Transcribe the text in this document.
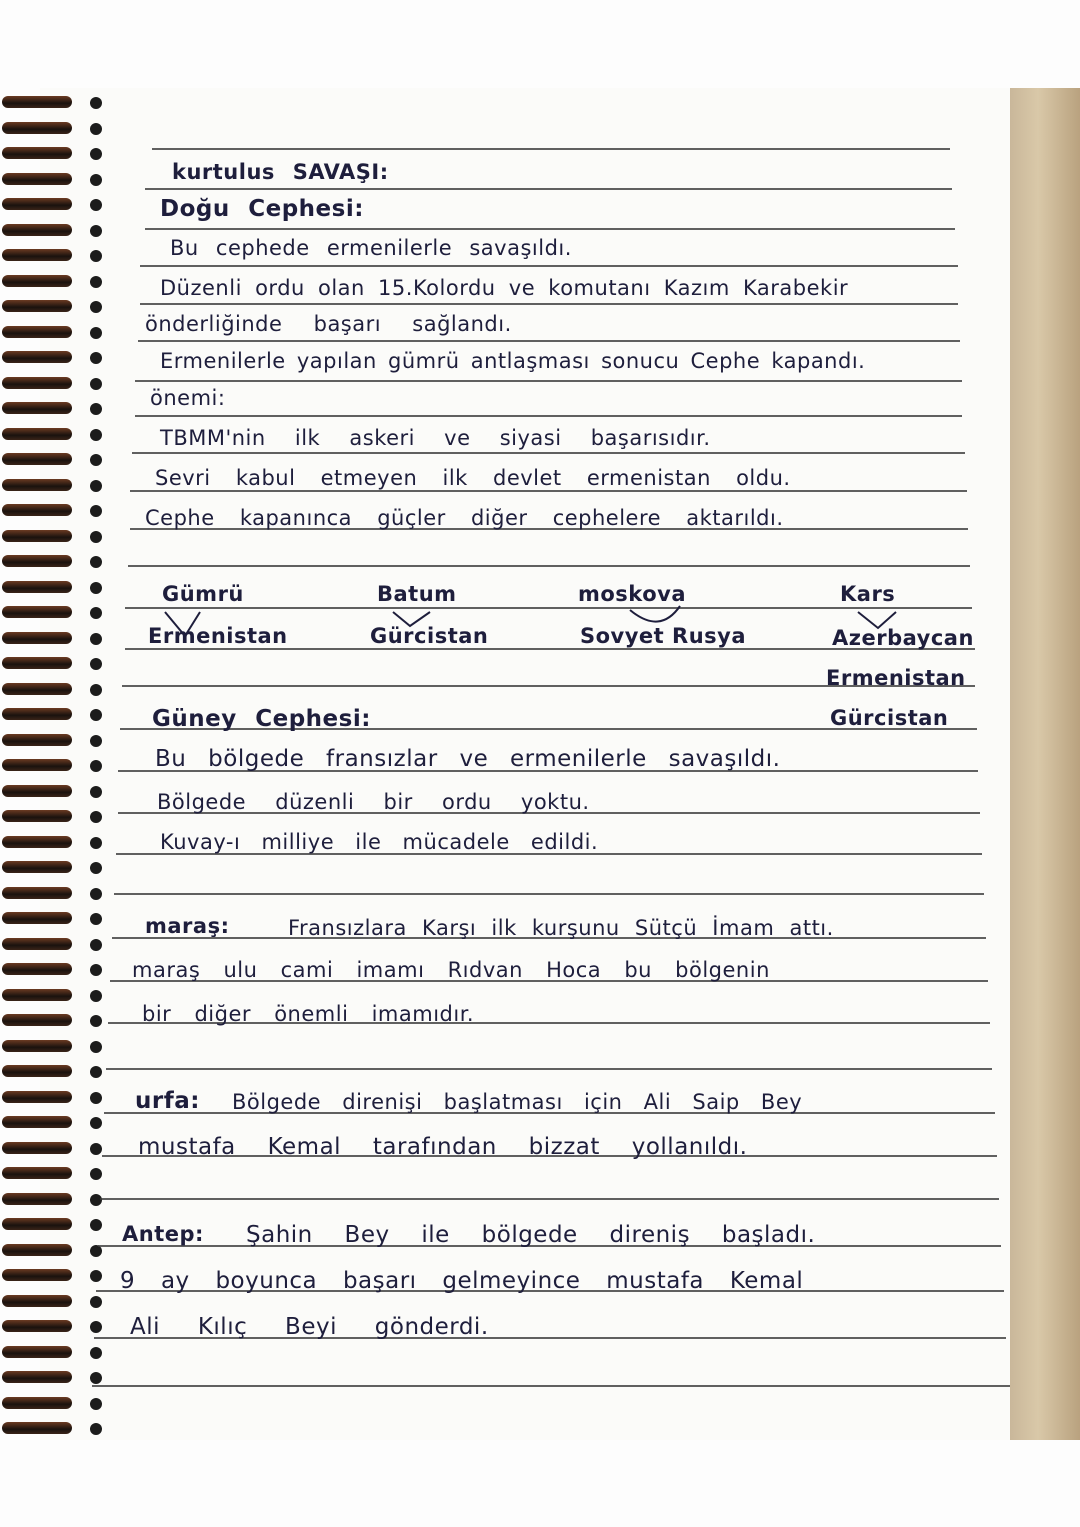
kurtulus SAVAŞI:
Doğu Cephesi:
Bu cephede ermenilerle savaşıldı.
Düzenli ordu olan 15.Kolordu ve komutanı Kazım Karabekir
önderliğinde başarı sağlandı.
Ermenilerle yapılan gümrü antlaşması sonucu Cephe kapandı.
önemi:
TBMM'nin ilk askeri ve siyasi başarısıdır.
Sevri kabul etmeyen ilk devlet ermenistan oldu.
Cephe kapanınca güçler diğer cephelere aktarıldı.
Gümrü
Ermenistan
Batum
Gürcistan
moskova
Sovyet Rusya
Kars
Azerbaycan
Ermenistan
Gürcistan
Güney Cephesi:
Bu bölgede fransızlar ve ermenilerle savaşıldı.
Bölgede düzenli bir ordu yoktu.
Kuvay-ı milliye ile mücadele edildi.
maraş:	Fransızlara Karşı ilk kurşunu Sütçü İmam attı.
maraş ulu cami imamı Rıdvan Hoca bu bölgenin
bir diğer önemli imamıdır.
urfa: Bölgede direnişi başlatması için Ali Saip Bey
mustafa Kemal tarafından bizzat yollanıldı.
Antep: Şahin Bey ile bölgede direniş başladı.
9 ay boyunca başarı gelmeyince mustafa Kemal
Ali Kılıç Beyi gönderdi.
